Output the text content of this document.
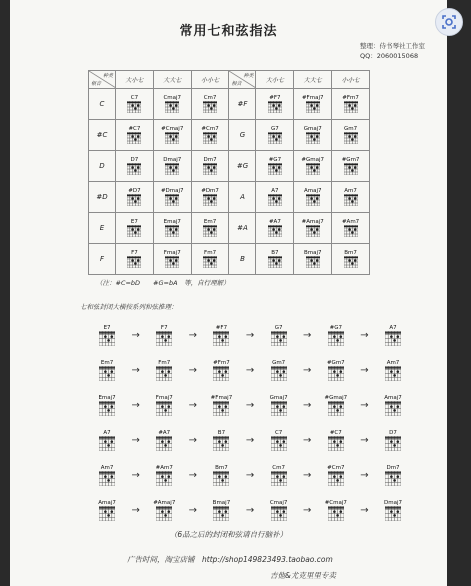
常用七和弦指法
整理：侍书琴社工作室
QQ：2060015068
种类
根音	大小七	大大七	小小七	种类
根音	大小七	大大七	小小七
C	C7	Cmaj7	Cm7	#F	#F7	#Fmaj7	#Fm7

#C	#C7	#Cmaj7	#Cm7	G	G7	Gmaj7	Gm7

D	D7	Dmaj7	Dm7	#G	#G7	#Gmaj7	#Gm7

#D	#D7	#Dmaj7	#Dm7	A	A7	Amaj7	Am7

E	E7	Emaj7	Em7	#A	#A7	#Amaj7	#Am7

F	F7	Fmaj7	Fm7	B	B7	Bmaj7	Bm7
（注：#C=bD　　#G=bA　等，自行理解）
七和弦封闭大横按系列和弦推理：
E7
→
F7
→
#F7
→
G7
→
#G7
→
A7
Em7
→
Fm7
→
#Fm7
→
Gm7
→
#Gm7
→
Am7
Emaj7
→
Fmaj7
→
#Fmaj7
→
Gmaj7
→
#Gmaj7
→
Amaj7
A7
→
#A7
→
B7
→
C7
→
#C7
→
D7
Am7
→
#Am7
→
Bm7
→
Cm7
→
#Cm7
→
Dm7
Amaj7
→
#Amaj7
→
Bmaj7
→
Cmaj7
→
#Cmaj7
→
Dmaj7
（6品之后的封闭和弦请自行脑补）
广告时间，淘宝店铺　http://shop149823493.taobao.com
吉他&尤克里里专卖
